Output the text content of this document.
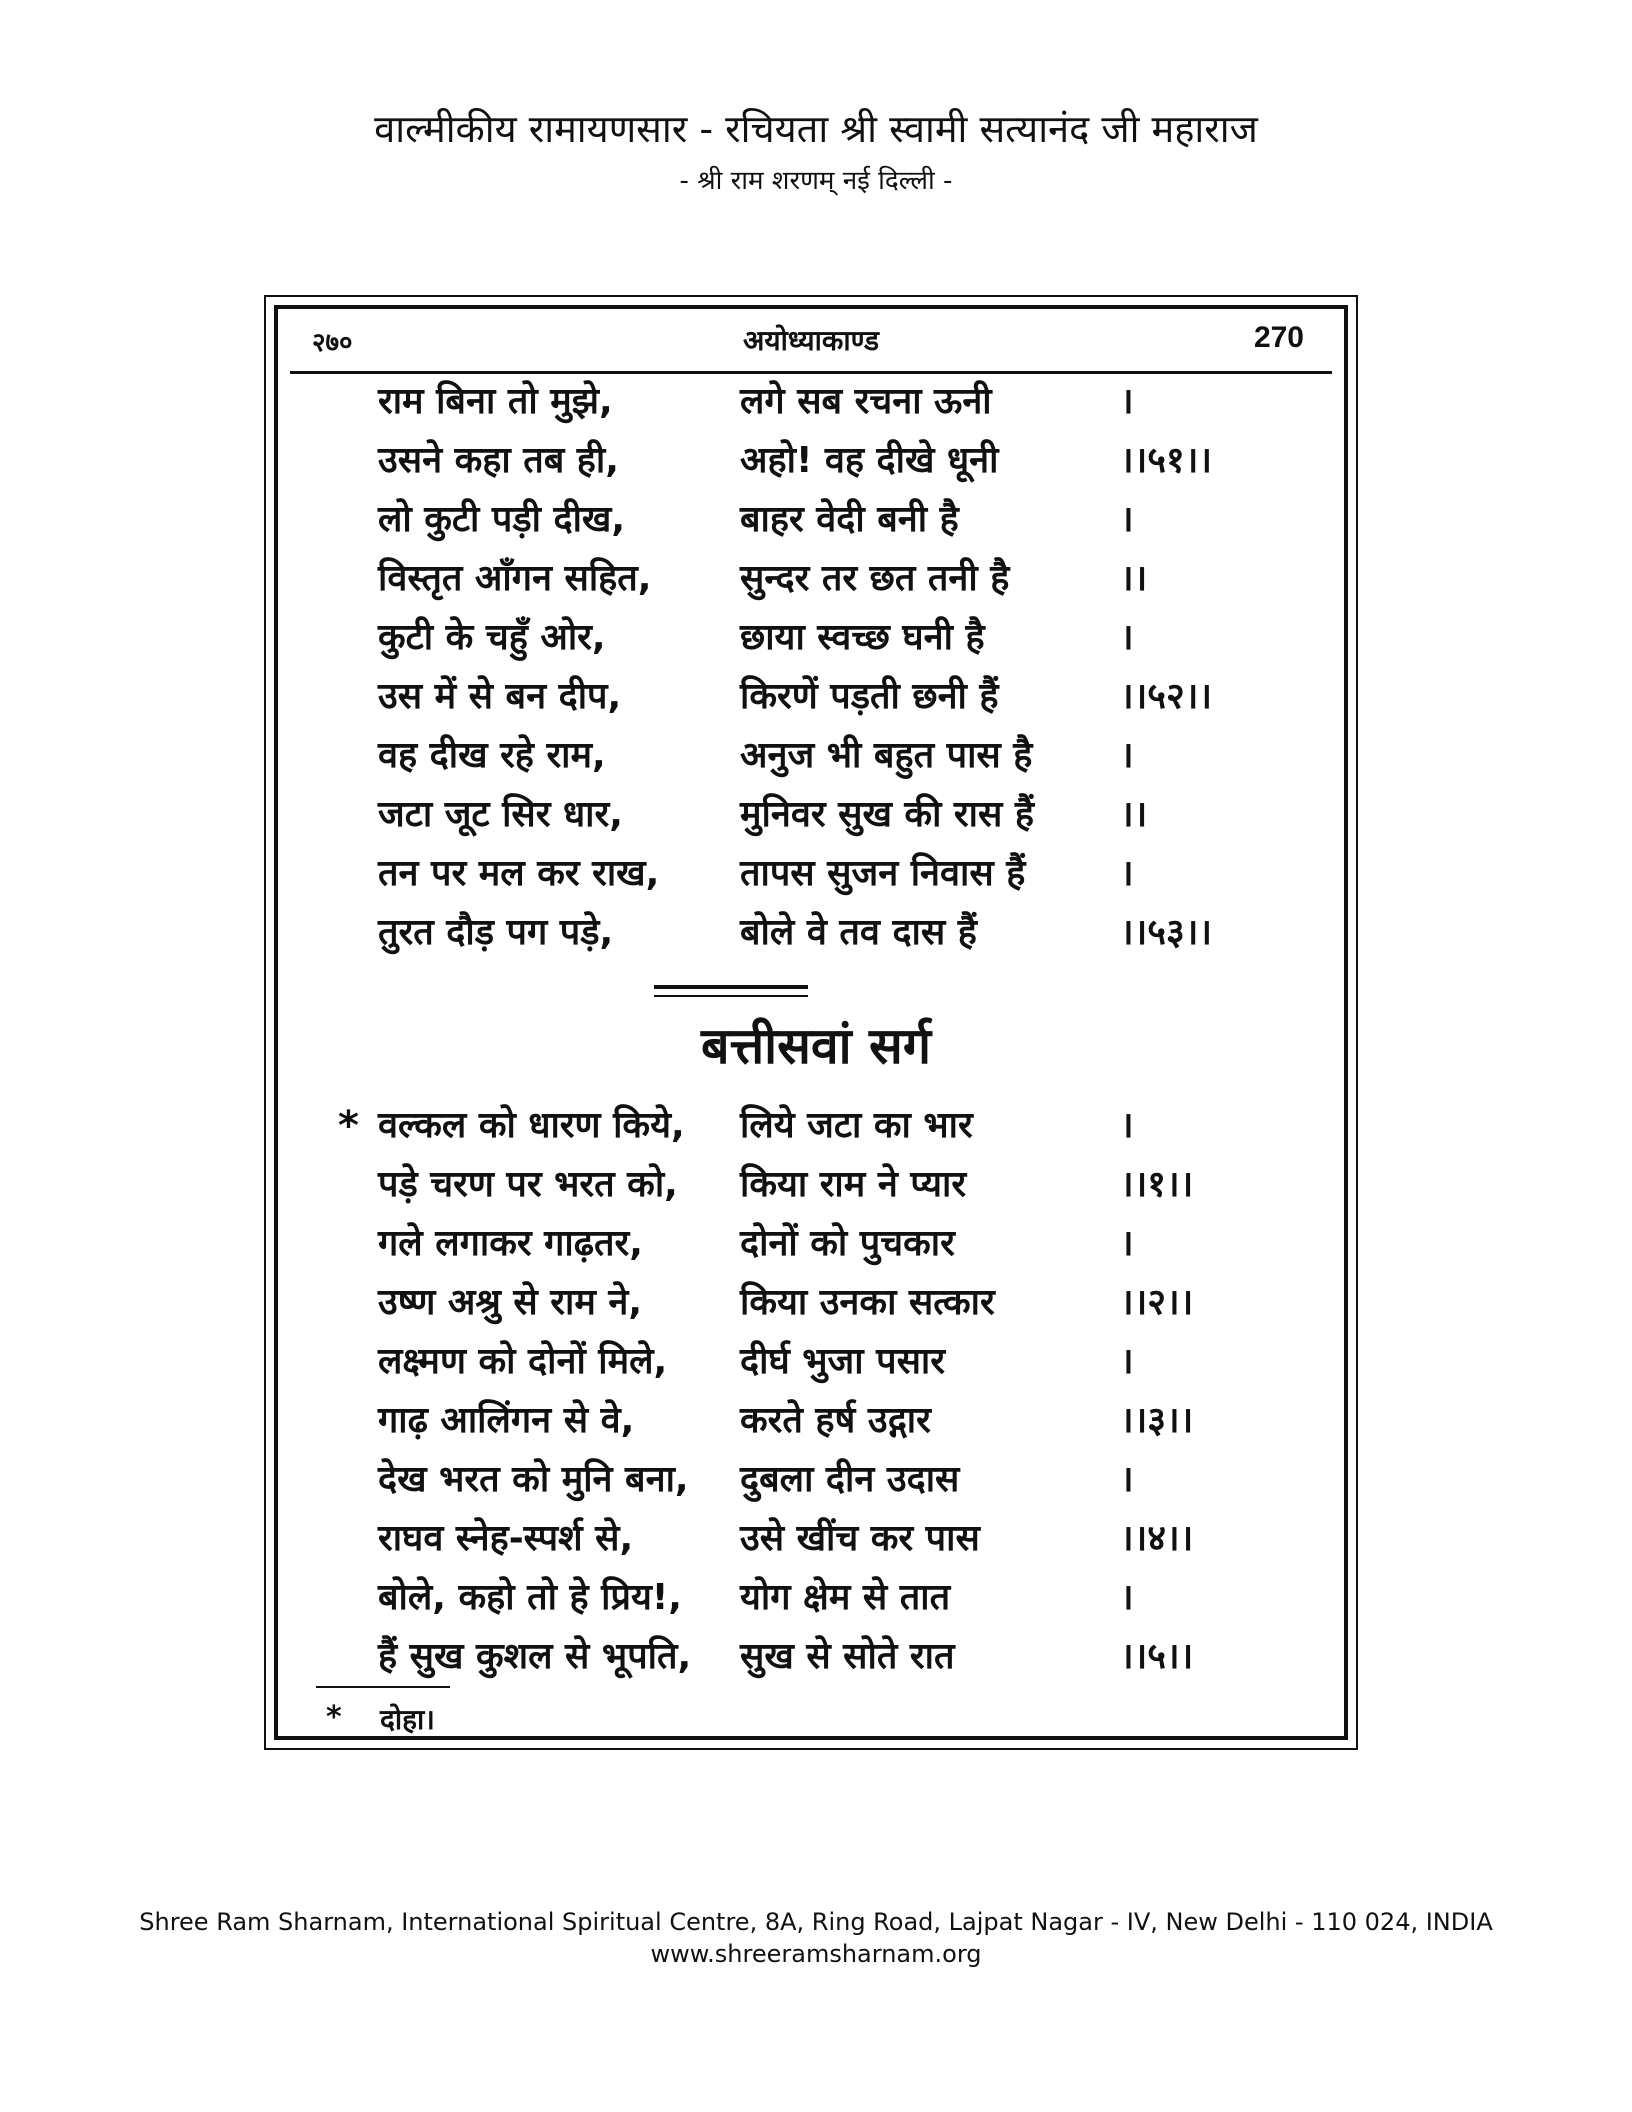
वाल्मीकीय रामायणसार - रचियता श्री स्वामी सत्यानंद जी महाराज
- श्री राम शरणम् नई दिल्ली -
२७०	अयोध्याकाण्ड	270
राम बिना तो मुझे,	लगे सब रचना ऊनी	।
उसने कहा तब ही,	अहो! वह दीखे धूनी	।।५१।।
लो कुटी पड़ी दीख,	बाहर वेदी बनी है	।
विस्तृत आँगन सहित,	सुन्दर तर छत तनी है	।।
कुटी के चहुँ ओर,	छाया स्वच्छ घनी है	।
उस में से बन दीप,	किरणें पड़ती छनी हैं	।।५२।।
वह दीख रहे राम,	अनुज भी बहुत पास है	।
जटा जूट सिर धार,	मुनिवर सुख की रास हैं	।।
तन पर मल कर राख,	तापस सुजन निवास हैं	।
तुरत दौड़ पग पड़े,	बोले वे तव दास हैं	।।५३।।
बत्तीसवां सर्ग
* वल्कल को धारण किये,	लिये जटा का भार	।
पड़े चरण पर भरत को,	किया राम ने प्यार	।।१।।
गले लगाकर गाढ़तर,	दोनों को पुचकार	।
उष्ण अश्रु से राम ने,	किया उनका सत्कार	।।२।।
लक्ष्मण को दोनों मिले,	दीर्घ भुजा पसार	।
गाढ़ आलिंगन से वे,	करते हर्ष उद्गार	।।३।।
देख भरत को मुनि बना,	दुबला दीन उदास	।
राघव स्नेह-स्पर्श से,	उसे खींच कर पास	।।४।।
बोले, कहो तो हे प्रिय!,	योग क्षेम से तात	।
हैं सुख कुशल से भूपति,	सुख से सोते रात	।।५।।
* दोहा।
Shree Ram Sharnam, International Spiritual Centre, 8A, Ring Road, Lajpat Nagar - IV, New Delhi - 110 024, INDIA
www.shreeramsharnam.org
